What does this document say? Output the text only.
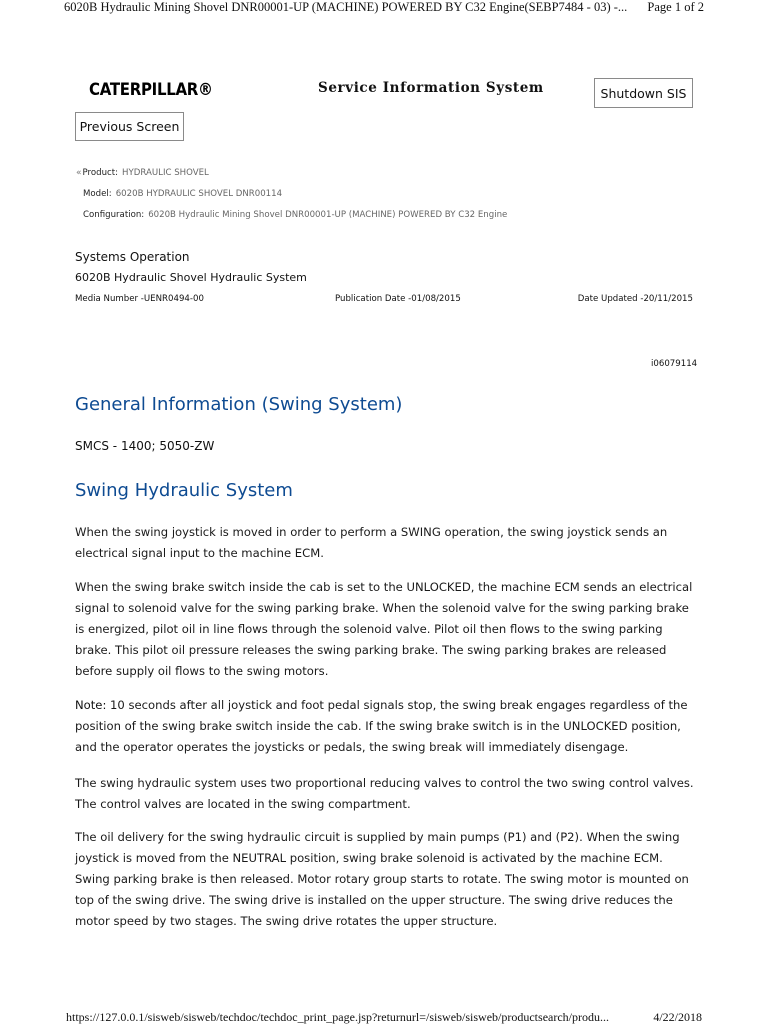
6020B Hydraulic Mining Shovel DNR00001-UP (MACHINE) POWERED BY C32 Engine(SEBP7484 - 03) -... Page 1 of 2
CATERPILLAR®	Service Information System	Shutdown SIS
Previous Screen
«Product: HYDRAULIC SHOVEL
Model: 6020B HYDRAULIC SHOVEL DNR00114
Configuration: 6020B Hydraulic Mining Shovel DNR00001-UP (MACHINE) POWERED BY C32 Engine
Systems Operation
6020B Hydraulic Shovel Hydraulic System
Media Number -UENR0494-00	Publication Date -01/08/2015	Date Updated -20/11/2015
i06079114
General Information (Swing System)
SMCS - 1400; 5050-ZW
Swing Hydraulic System

When the swing joystick is moved in order to perform a SWING operation, the swing joystick sends an electrical signal input to the machine ECM.

When the swing brake switch inside the cab is set to the UNLOCKED, the machine ECM sends an electrical signal to solenoid valve for the swing parking brake. When the solenoid valve for the swing parking brake is energized, pilot oil in line flows through the solenoid valve. Pilot oil then flows to the swing parking brake. This pilot oil pressure releases the swing parking brake. The swing parking brakes are released before supply oil flows to the swing motors.

Note: 10 seconds after all joystick and foot pedal signals stop, the swing break engages regardless of the position of the swing brake switch inside the cab. If the swing brake switch is in the UNLOCKED position, and the operator operates the joysticks or pedals, the swing break will immediately disengage.

The swing hydraulic system uses two proportional reducing valves to control the two swing control valves. The control valves are located in the swing compartment.

The oil delivery for the swing hydraulic circuit is supplied by main pumps (P1) and (P2). When the swing joystick is moved from the NEUTRAL position, swing brake solenoid is activated by the machine ECM. Swing parking brake is then released. Motor rotary group starts to rotate. The swing motor is mounted on top of the swing drive. The swing drive is installed on the upper structure. The swing drive reduces the motor speed by two stages. The swing drive rotates the upper structure.

https://127.0.0.1/sisweb/sisweb/techdoc/techdoc_print_page.jsp?returnurl=/sisweb/sisweb/productsearch/produ...	4/22/2018
